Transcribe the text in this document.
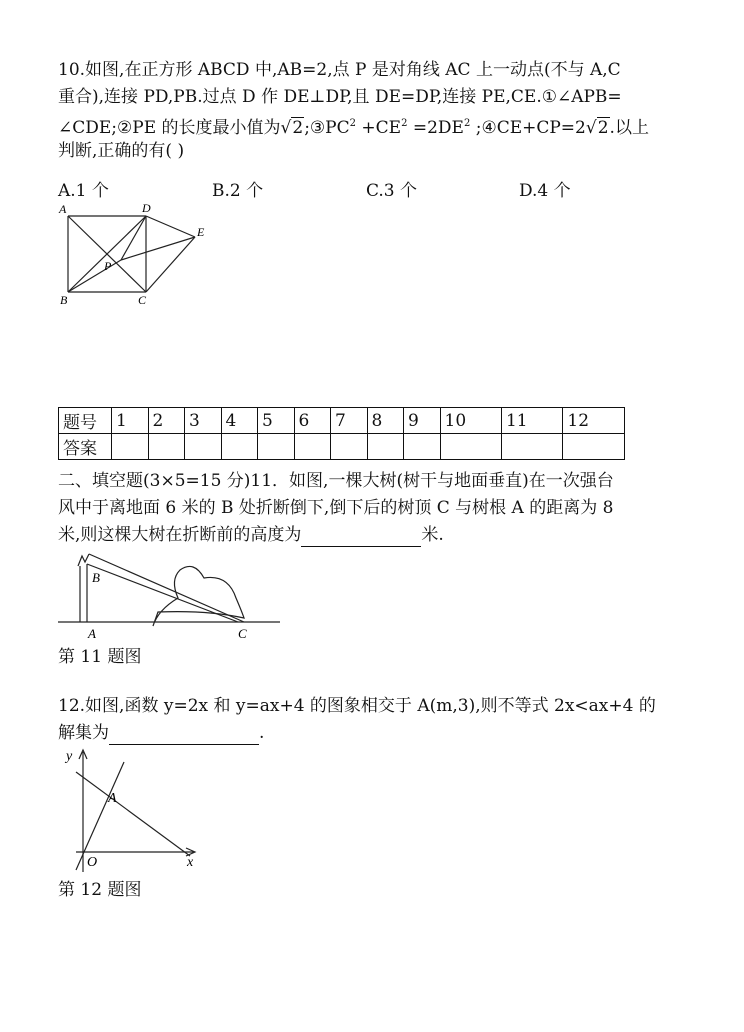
10.如图,在正方形 ABCD 中,AB=2,点 P 是对角线 AC 上一动点(不与 A,C
重合),连接 PD,PB.过点 D 作 DE⊥DP,且 DE=DP,连接 PE,CE.①∠APB=
∠CDE;②PE 的长度最小值为$√2;③PC^2 +CE^2 =2DE^2$ ;④CE+CP=2√2.以上
判断,正确的有( )
A.1 个	B.2 个	C.3 个	D.4 个
A	D
E
P
B	C
题号	1	2	3	4	5	6	7	8	9	10	11	12
答案												
二、填空题(3×5=15 分)11．如图,一棵大树(树干与地面垂直)在一次强台
风中于离地面 6 米的 B 处折断倒下,倒下后的树顶 C 与树根 A 的距离为 8
米,则这棵大树在折断前的高度为	米.
B
A	C
第 11 题图
12.如图,函数 y=2x 和 y=ax+4 的图象相交于 A(m,3),则不等式 2x<ax+4 的
解集为	.
y
x
O
A
第 12 题图
